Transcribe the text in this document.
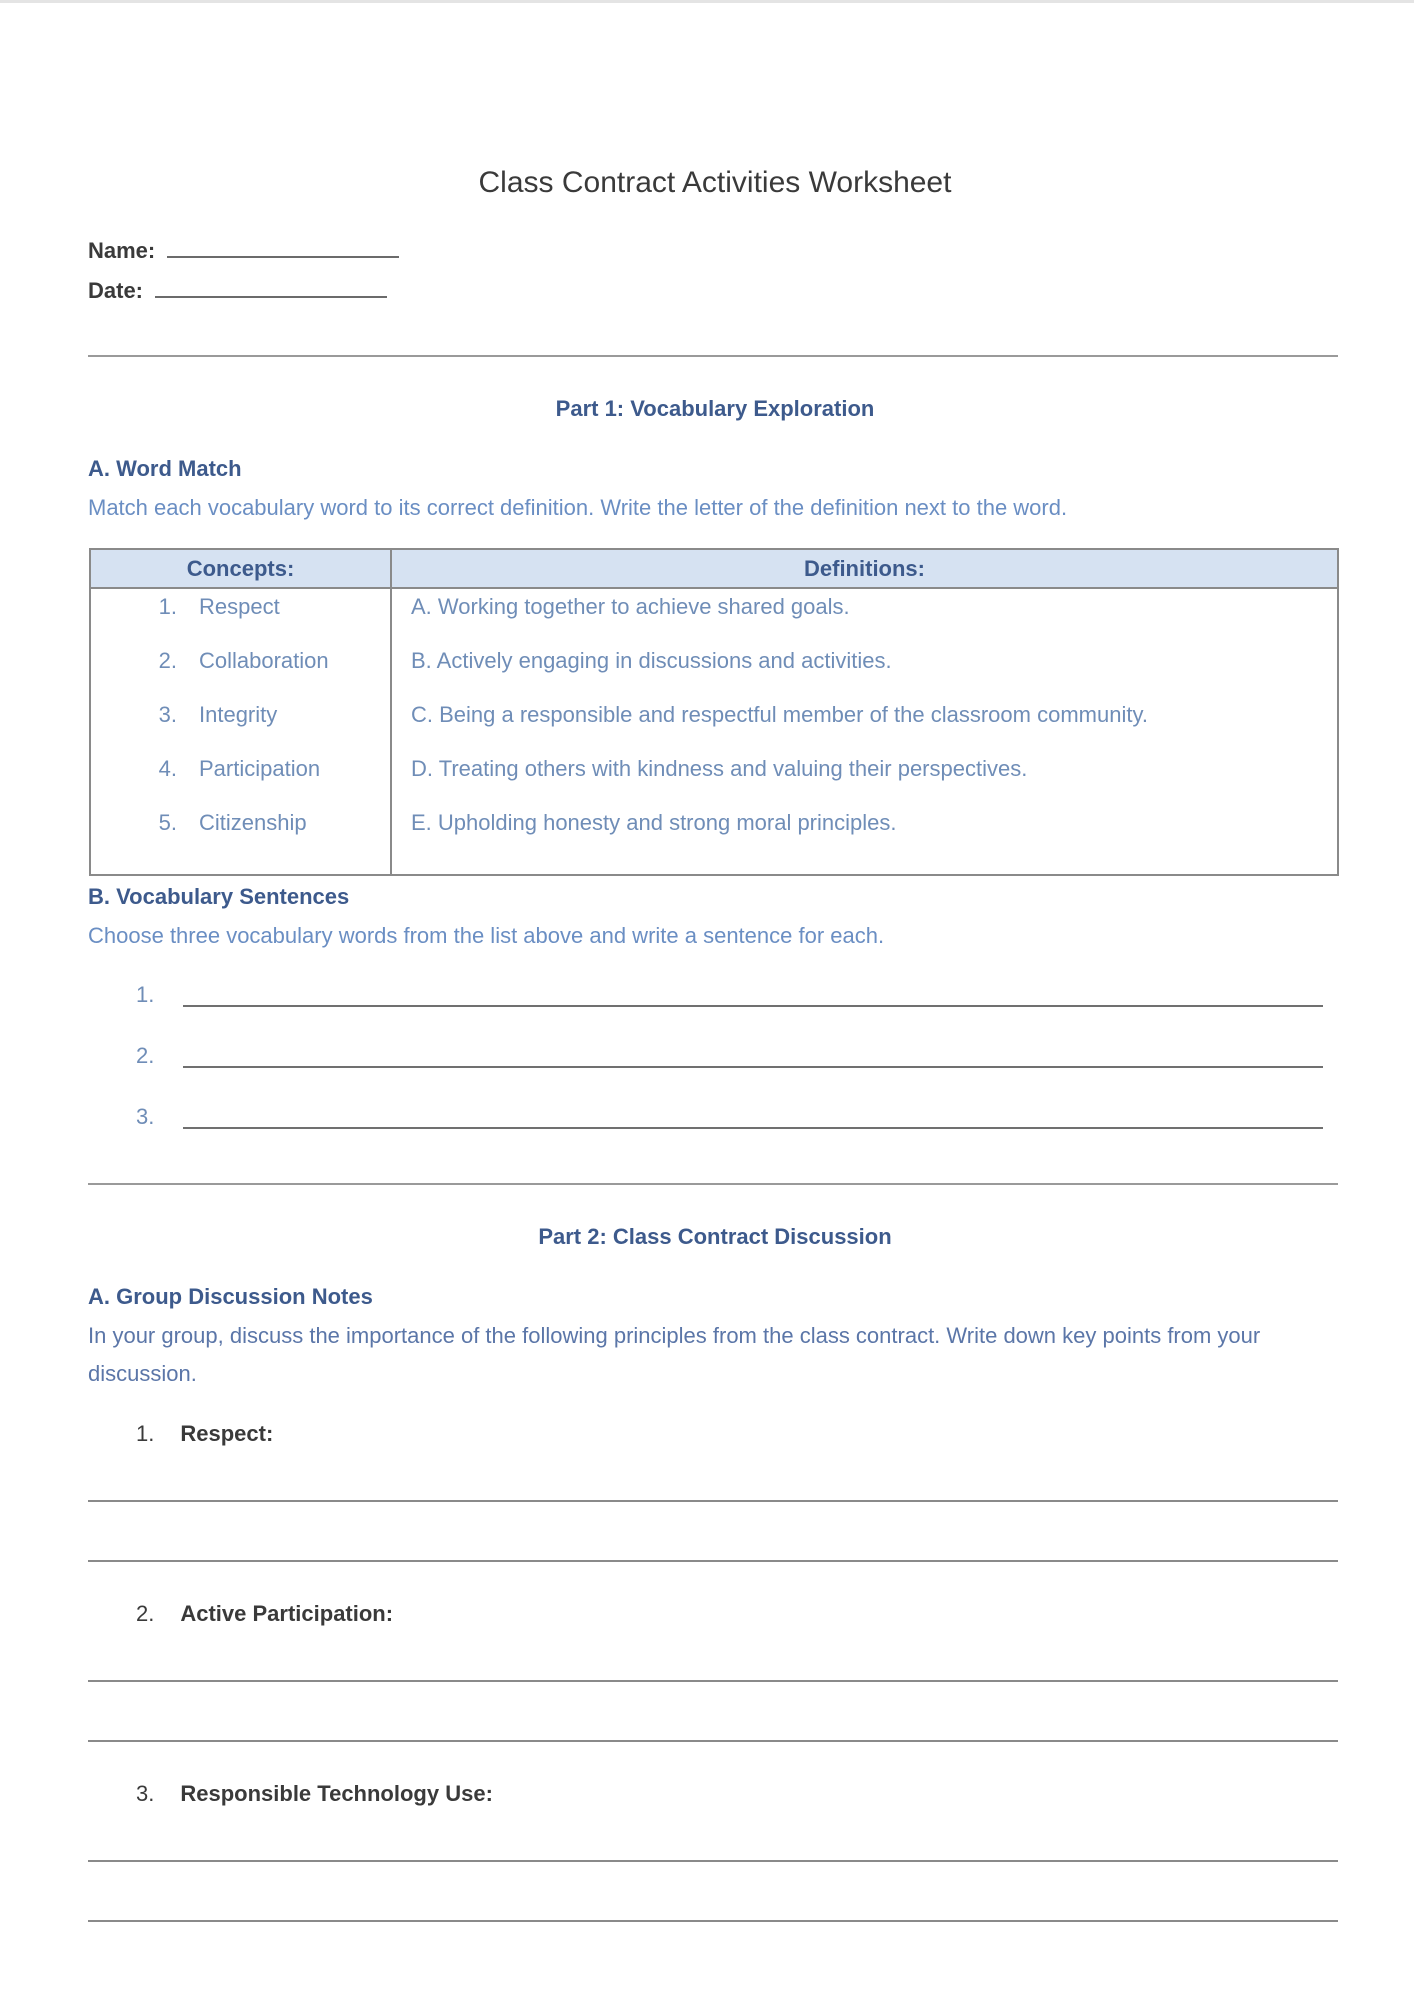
Class Contract Activities Worksheet
Name:
Date:
Part 1: Vocabulary Exploration
A. Word Match
Match each vocabulary word to its correct definition. Write the letter of the definition next to the word.
Concepts:	Definitions:
1. Respect	A. Working together to achieve shared goals.
2. Collaboration	B. Actively engaging in discussions and activities.
3. Integrity	C. Being a responsible and respectful member of the classroom community.
4. Participation	D. Treating others with kindness and valuing their perspectives.
5. Citizenship	E. Upholding honesty and strong moral principles.
B. Vocabulary Sentences
Choose three vocabulary words from the list above and write a sentence for each.
1.
2.
3.
Part 2: Class Contract Discussion
A. Group Discussion Notes
In your group, discuss the importance of the following principles from the class contract. Write down key points from your discussion.
1. Respect:
2. Active Participation:
3. Responsible Technology Use:
